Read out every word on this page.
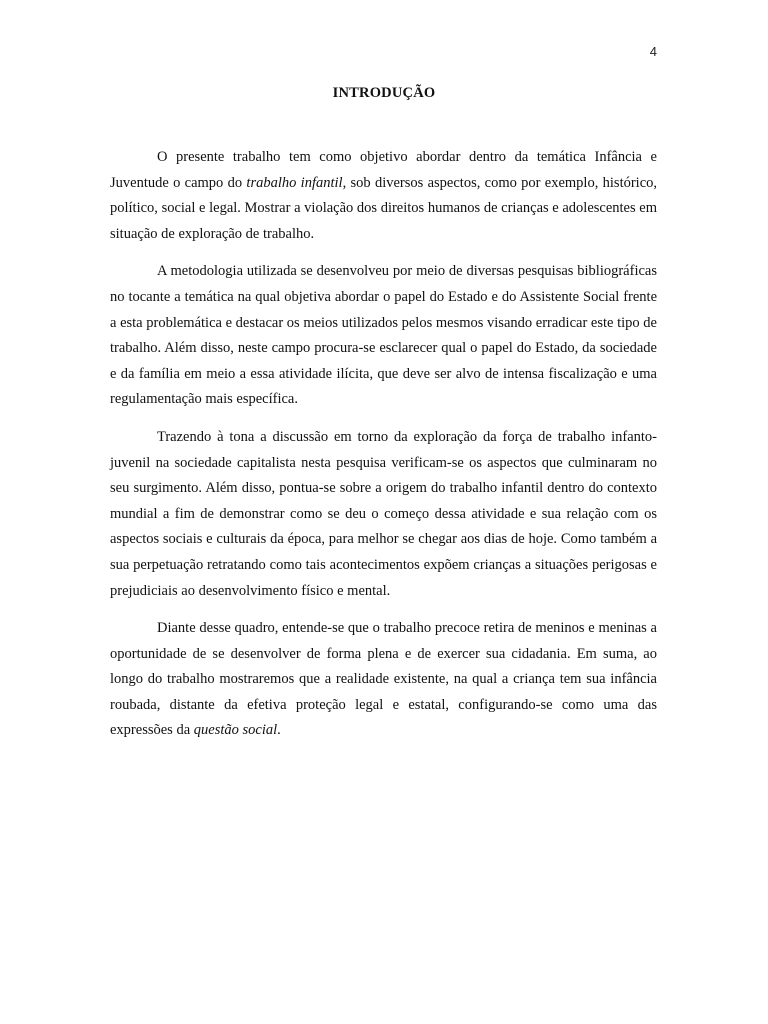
4
INTRODUÇÃO

O presente trabalho tem como objetivo abordar dentro da temática Infância e Juventude o campo do trabalho infantil, sob diversos aspectos, como por exemplo, histórico, político, social e legal. Mostrar a violação dos direitos humanos de crianças e adolescentes em situação de exploração de trabalho.

A metodologia utilizada se desenvolveu por meio de diversas pesquisas bibliográficas no tocante a temática na qual objetiva abordar o papel do Estado e do Assistente Social frente a esta problemática e destacar os meios utilizados pelos mesmos visando erradicar este tipo de trabalho. Além disso, neste campo procura-se esclarecer qual o papel do Estado, da sociedade e da família em meio a essa atividade ilícita, que deve ser alvo de intensa fiscalização e uma regulamentação mais específica.

Trazendo à tona a discussão em torno da exploração da força de trabalho infanto-juvenil na sociedade capitalista nesta pesquisa verificam-se os aspectos que culminaram no seu surgimento. Além disso, pontua-se sobre a origem do trabalho infantil dentro do contexto mundial a fim de demonstrar como se deu o começo dessa atividade e sua relação com os aspectos sociais e culturais da época, para melhor se chegar aos dias de hoje. Como também a sua perpetuação retratando como tais acontecimentos expõem crianças a situações perigosas e prejudiciais ao desenvolvimento físico e mental.

Diante desse quadro, entende-se que o trabalho precoce retira de meninos e meninas a oportunidade de se desenvolver de forma plena e de exercer sua cidadania. Em suma, ao longo do trabalho mostraremos que a realidade existente, na qual a criança tem sua infância roubada, distante da efetiva proteção legal e estatal, configurando-se como uma das expressões da questão social.
